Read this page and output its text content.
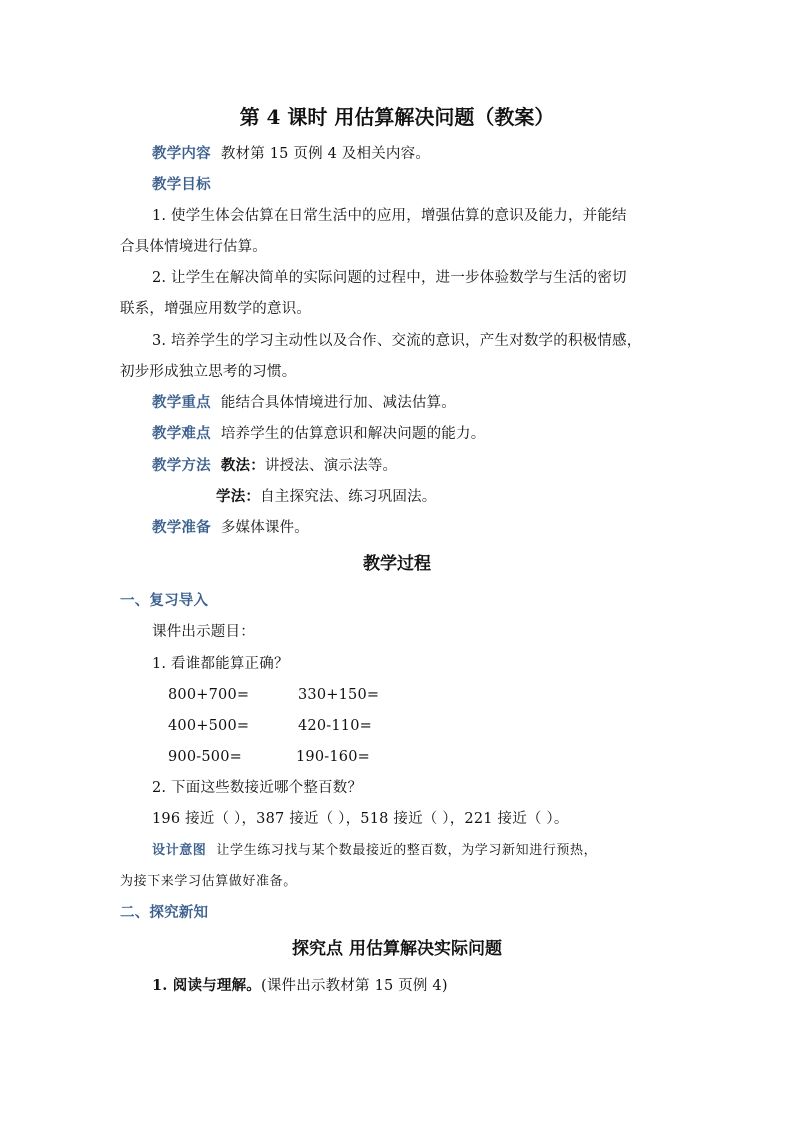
第 4 课时 用估算解决问题（教案）
教学内容 教材第 15 页例 4 及相关内容。
教学目标
1. 使学生体会估算在日常生活中的应用，增强估算的意识及能力，并能结
合具体情境进行估算。
2. 让学生在解决简单的实际问题的过程中，进一步体验数学与生活的密切
联系，增强应用数学的意识。
3. 培养学生的学习主动性以及合作、交流的意识，产生对数学的积极情感，
初步形成独立思考的习惯。
教学重点 能结合具体情境进行加、减法估算。
教学难点 培养学生的估算意识和解决问题的能力。
教学方法 教法：讲授法、演示法等。
学法：自主探究法、练习巩固法。
教学准备 多媒体课件。
教学过程
一、复习导入
课件出示题目：
1. 看谁都能算正确？
800+700=	330+150=
400+500=	420-110=
900-500=	190-160=
2. 下面这些数接近哪个整百数？
196 接近（ ），387 接近（ ），518 接近（ ），221 接近（ ）。
设计意图 让学生练习找与某个数最接近的整百数，为学习新知进行预热，
为接下来学习估算做好准备。
二、探究新知
探究点 用估算解决实际问题
1. 阅读与理解。(课件出示教材第 15 页例 4)
